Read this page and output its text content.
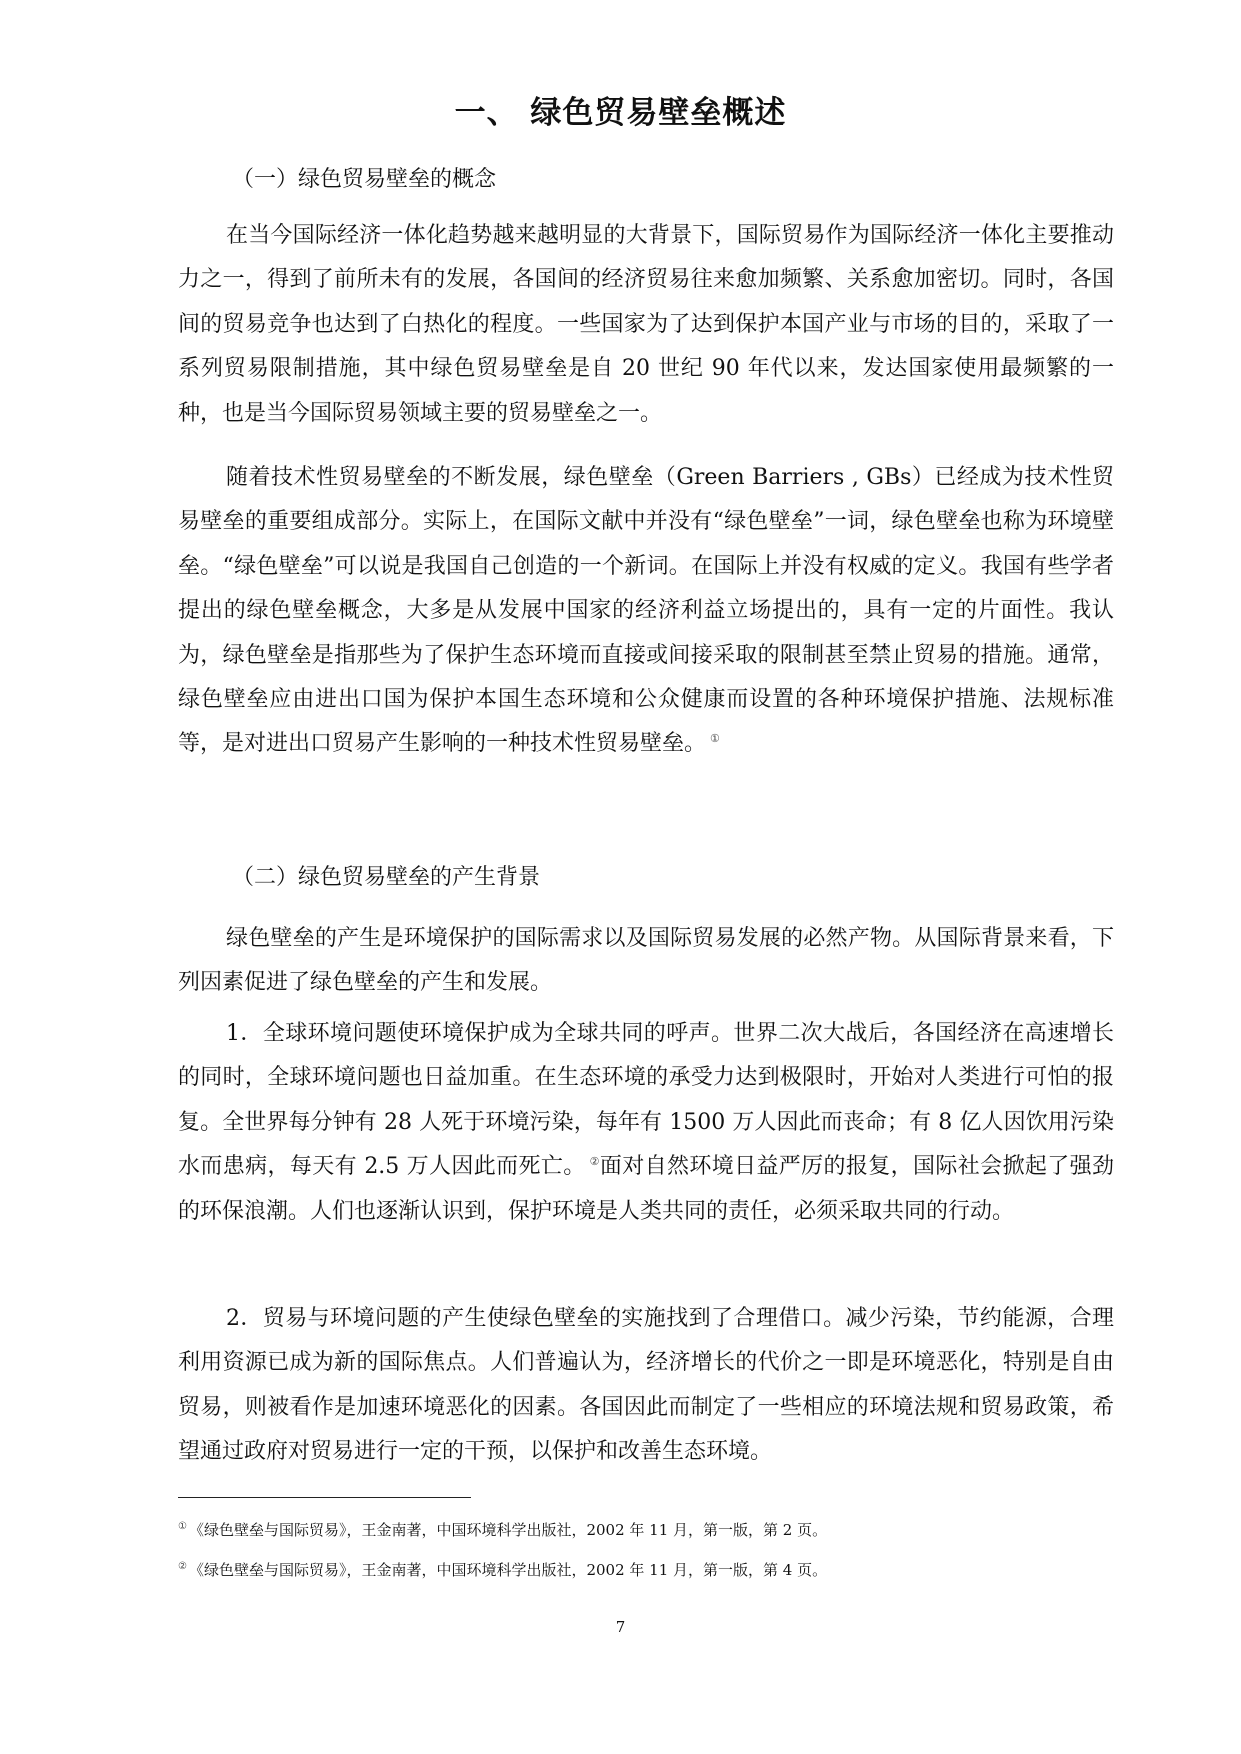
一、 绿色贸易壁垒概述
（一）绿色贸易壁垒的概念

在当今国际经济一体化趋势越来越明显的大背景下，国际贸易作为国际经济一体化主要推动力之一，得到了前所未有的发展，各国间的经济贸易往来愈加频繁、关系愈加密切。同时，各国间的贸易竞争也达到了白热化的程度。一些国家为了达到保护本国产业与市场的目的，采取了一系列贸易限制措施，其中绿色贸易壁垒是自 20 世纪 90 年代以来，发达国家使用最频繁的一种，也是当今国际贸易领域主要的贸易壁垒之一。

随着技术性贸易壁垒的不断发展，绿色壁垒（Green Barriers , GBs）已经成为技术性贸易壁垒的重要组成部分。实际上，在国际文献中并没有“绿色壁垒”一词，绿色壁垒也称为环境壁垒。“绿色壁垒”可以说是我国自己创造的一个新词。在国际上并没有权威的定义。我国有些学者提出的绿色壁垒概念，大多是从发展中国家的经济利益立场提出的，具有一定的片面性。我认为，绿色壁垒是指那些为了保护生态环境而直接或间接采取的限制甚至禁止贸易的措施。通常，绿色壁垒应由进出口国为保护本国生态环境和公众健康而设置的各种环境保护措施、法规标准等，是对进出口贸易产生影响的一种技术性贸易壁垒。 ①

（二）绿色贸易壁垒的产生背景

绿色壁垒的产生是环境保护的国际需求以及国际贸易发展的必然产物。从国际背景来看，下列因素促进了绿色壁垒的产生和发展。

1．全球环境问题使环境保护成为全球共同的呼声。世界二次大战后，各国经济在高速增长的同时，全球环境问题也日益加重。在生态环境的承受力达到极限时，开始对人类进行可怕的报复。全世界每分钟有 28 人死于环境污染，每年有 1500 万人因此而丧命；有 8 亿人因饮用污染水而患病，每天有 2.5 万人因此而死亡。 ②面对自然环境日益严厉的报复，国际社会掀起了强劲的环保浪潮。人们也逐渐认识到，保护环境是人类共同的责任，必须采取共同的行动。

2．贸易与环境问题的产生使绿色壁垒的实施找到了合理借口。减少污染，节约能源，合理利用资源已成为新的国际焦点。人们普遍认为，经济增长的代价之一即是环境恶化，特别是自由贸易，则被看作是加速环境恶化的因素。各国因此而制定了一些相应的环境法规和贸易政策，希望通过政府对贸易进行一定的干预，以保护和改善生态环境。

① 《绿色壁垒与国际贸易》，王金南著，中国环境科学出版社，2002 年 11 月，第一版，第 2 页。
② 《绿色壁垒与国际贸易》，王金南著，中国环境科学出版社，2002 年 11 月，第一版，第 4 页。
7
